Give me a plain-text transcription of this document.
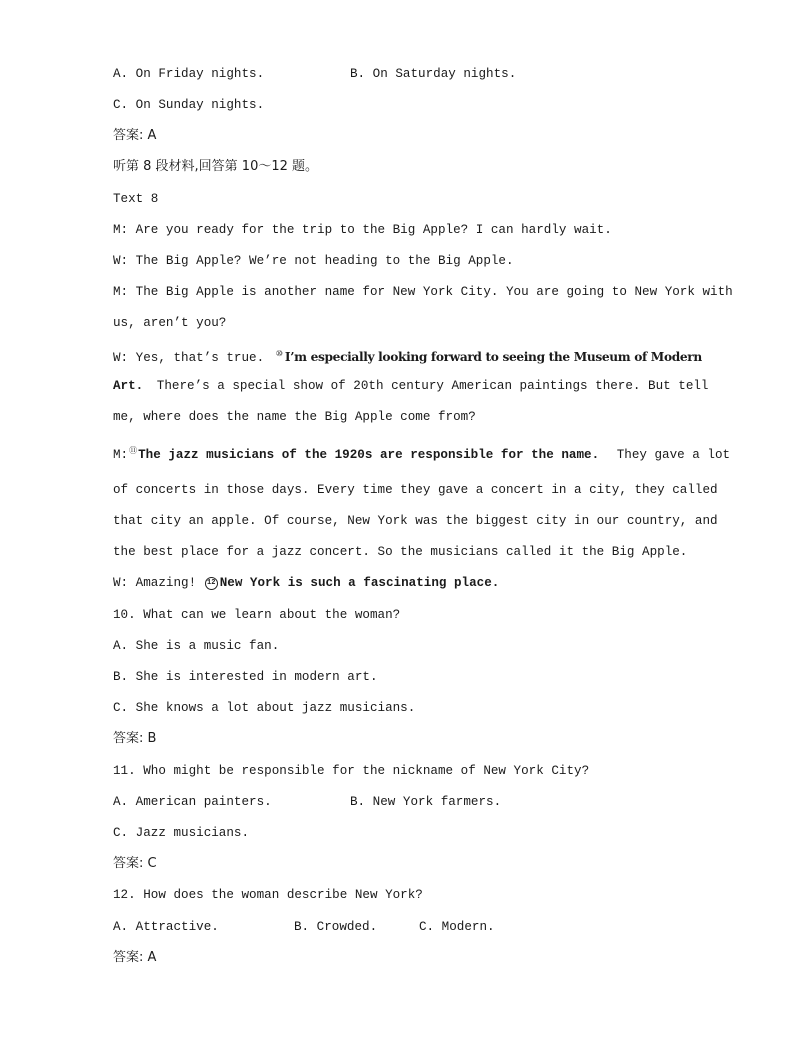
A. On Friday nights.	B. On Saturday nights.
C. On Sunday nights.
答案: A
听第 8 段材料,回答第 10～12 题。
Text 8
M: Are you ready for the trip to the Big Apple? I can hardly wait.
W: The Big Apple? We’re not heading to the Big Apple.
M: The Big Apple is another name for New York City. You are going to New York with
us, aren’t you?
W: Yes, that’s true. ⑩ I’m especially looking forward to seeing the Museum of Modern
Art. There’s a special show of 20th century American paintings there. But tell
me, where does the name the Big Apple come from?
M:⑪The jazz musicians of the 1920s are responsible for the name. They gave a lot
of concerts in those days. Every time they gave a concert in a city, they called
that city an apple. Of course, New York was the biggest city in our country, and
the best place for a jazz concert. So the musicians called it the Big Apple.
W: Amazing! 12 New York is such a fascinating place.
10. What can we learn about the woman?
A. She is a music fan.
B. She is interested in modern art.
C. She knows a lot about jazz musicians.
答案: B
11. Who might be responsible for the nickname of New York City?
A. American painters.	B. New York farmers.
C. Jazz musicians.
答案: C
12. How does the woman describe New York?
A. Attractive.	B. Crowded.	C. Modern.
答案: A
